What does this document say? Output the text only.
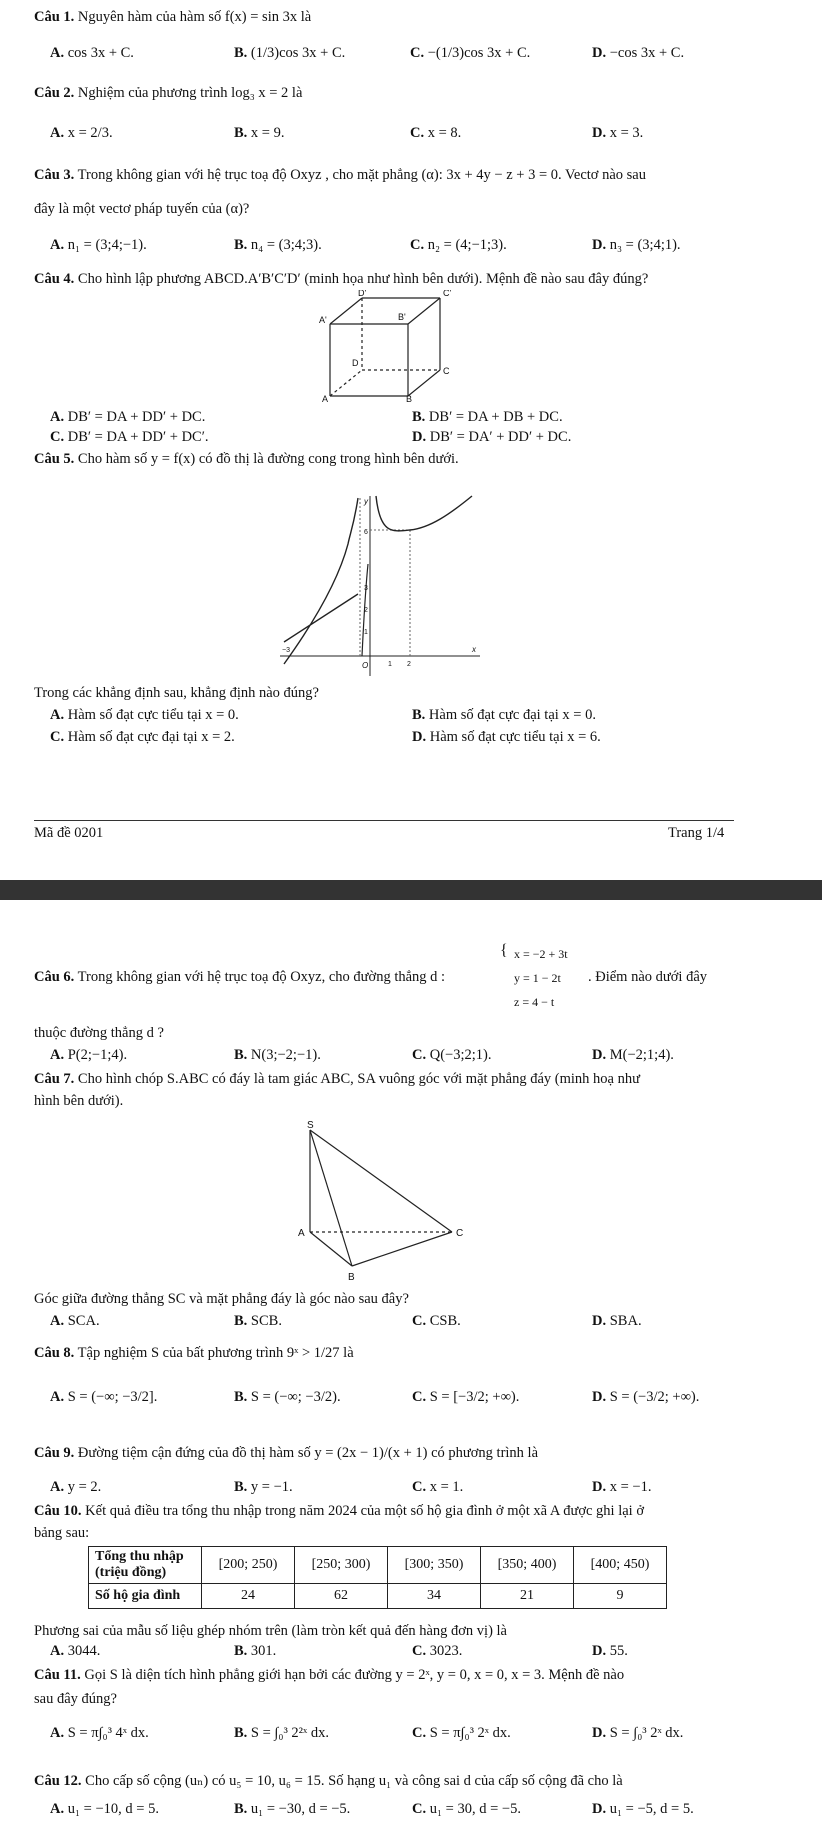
Câu 1. Nguyên hàm của hàm số f(x) = sin 3x là
A. cos 3x + C.	B. (1/3)cos 3x + C.	C. −(1/3)cos 3x + C.	D. −cos 3x + C.
Câu 2. Nghiệm của phương trình log₃ x = 2 là
A. x = 2/3.	B. x = 9.	C. x = 8.	D. x = 3.
Câu 3. Trong không gian với hệ trục toạ độ Oxyz , cho mặt phẳng (α): 3x + 4y − z + 3 = 0. Vectơ nào sau
đây là một vectơ pháp tuyến của (α)?
A. n₁ = (3;4;−1).	B. n₄ = (3;4;3).	C. n₂ = (4;−1;3).	D. n₃ = (3;4;1).
Câu 4. Cho hình lập phương ABCD.A′B′C′D′ (minh họa như hình bên dưới). Mệnh đề nào sau đây đúng?
D'	C'
A'	B'
D
C
A	B
A. DB′ = DA + DD′ + DC.	B. DB′ = DA + DB + DC.
C. DB′ = DA + DD′ + DC′.	D. DB′ = DA′ + DD′ + DC.
Câu 5. Cho hàm số y = f(x) có đồ thị là đường cong trong hình bên dưới.
y
x
O
6
3
2
1
−3
1 2
Trong các khẳng định sau, khẳng định nào đúng?
A. Hàm số đạt cực tiểu tại x = 0.	B. Hàm số đạt cực đại tại x = 0.
C. Hàm số đạt cực đại tại x = 2.	D. Hàm số đạt cực tiểu tại x = 6.
Mã đề 0201	Trang 1/4
Câu 6. Trong không gian với hệ trục toạ độ Oxyz, cho đường thẳng d :
{ x = −2 + 3t
y = 1 − 2t
z = 4 − t
. Điểm nào dưới đây
thuộc đường thẳng d ?
A. P(2;−1;4).	B. N(3;−2;−1).	C. Q(−3;2;1).	D. M(−2;1;4).
Câu 7. Cho hình chóp S.ABC có đáy là tam giác ABC, SA vuông góc với mặt phẳng đáy (minh hoạ như
hình bên dưới).
S
A	C
B
Góc giữa đường thẳng SC và mặt phẳng đáy là góc nào sau đây?
A. SCA.	B. SCB.	C. CSB.	D. SBA.
Câu 8. Tập nghiệm S của bất phương trình 9ˣ > 1/27 là
A. S = (−∞; −3/2].	B. S = (−∞; −3/2).	C. S = [−3/2; +∞).	D. S = (−3/2; +∞).
Câu 9. Đường tiệm cận đứng của đồ thị hàm số y = (2x − 1)/(x + 1) có phương trình là
A. y = 2.	B. y = −1.	C. x = 1.	D. x = −1.
Câu 10. Kết quả điều tra tổng thu nhập trong năm 2024 của một số hộ gia đình ở một xã A được ghi lại ở
bảng sau:
Tổng thu nhập (triệu đồng)	[200; 250)	[250; 300)	[300; 350)	[350; 400)	[400; 450)
Số hộ gia đình	24	62	34	21	9
Phương sai của mẫu số liệu ghép nhóm trên (làm tròn kết quả đến hàng đơn vị) là
A. 3044.	B. 301.	C. 3023.	D. 55.
Câu 11. Gọi S là diện tích hình phẳng giới hạn bởi các đường y = 2ˣ, y = 0, x = 0, x = 3. Mệnh đề nào
sau đây đúng?
A. S = π∫₀³ 4ˣ dx.	B. S = ∫₀³ 2²ˣ dx.	C. S = π∫₀³ 2ˣ dx.	D. S = ∫₀³ 2ˣ dx.
Câu 12. Cho cấp số cộng (uₙ) có u₅ = 10, u₆ = 15. Số hạng u₁ và công sai d của cấp số cộng đã cho là
A. u₁ = −10, d = 5.	B. u₁ = −30, d = −5.	C. u₁ = 30, d = −5.	D. u₁ = −5, d = 5.
